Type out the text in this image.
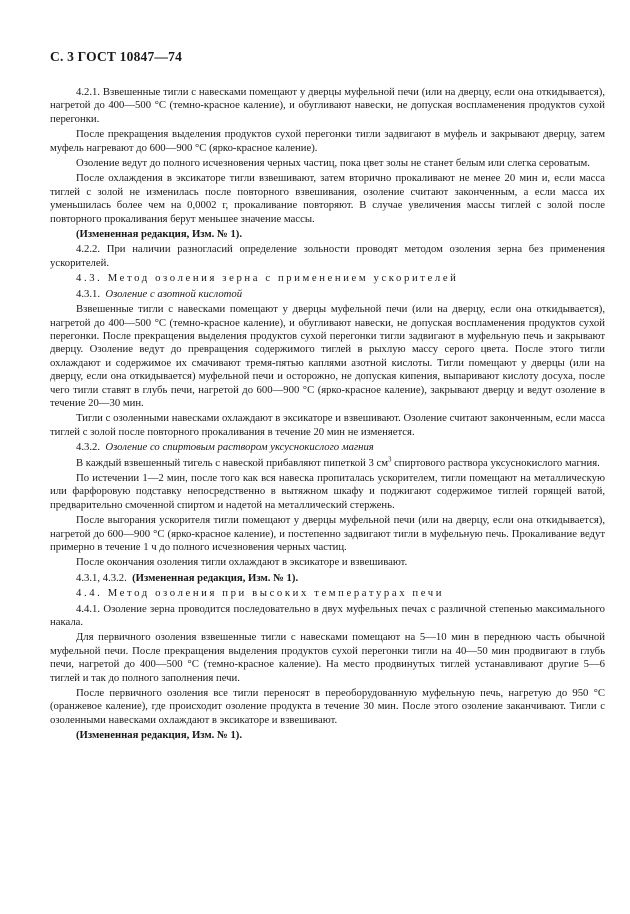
С. 3 ГОСТ 10847—74

4.2.1. Взвешенные тигли с навесками помещают у дверцы муфельной печи (или на дверцу, если она откидывается), нагретой до 400—500 °С (темно-красное каление), и обугливают навески, не допуская воспламенения продуктов сухой перегонки.

После прекращения выделения продуктов сухой перегонки тигли задвигают в муфель и закрывают дверцу, затем муфель нагревают до 600—900 °С (ярко-красное каление).

Озоление ведут до полного исчезновения черных частиц, пока цвет золы не станет белым или слегка сероватым.

После охлаждения в эксикаторе тигли взвешивают, затем вторично прокаливают не менее 20 мин и, если масса тиглей с золой не изменилась после повторного взвешивания, озоление считают законченным, а если масса их уменьшилась более чем на 0,0002 г, прокаливание повторяют. В случае увеличения массы тиглей с золой после повторного прокаливания берут меньшее значение массы.

(Измененная редакция, Изм. № 1).

4.2.2. При наличии разногласий определение зольности проводят методом озоления зерна без применения ускорителей.

4.3. Метод озоления зерна с применением ускорителей

4.3.1. Озоление с азотной кислотой

Взвешенные тигли с навесками помещают у дверцы муфельной печи (или на дверцу, если она откидывается), нагретой до 400—500 °С (темно-красное каление), и обугливают навески, не допуская воспламенения продуктов сухой перегонки. После прекращения выделения продуктов сухой перегонки тигли задвигают в муфельную печь и закрывают дверцу. Озоление ведут до превращения содержимого тиглей в рыхлую массу серого цвета. После этого тигли охлаждают и содержимое их смачивают тремя-пятью каплями азотной кислоты. Тигли помещают у дверцы (или на дверцу, если она откидывается) муфельной печи и осторожно, не допуская кипения, выпаривают кислоту досуха, после чего тигли ставят в глубь печи, нагретой до 600—900 °С (ярко-красное каление), закрывают дверцу и ведут озоление в течение 20—30 мин.

Тигли с озоленными навесками охлаждают в эксикаторе и взвешивают. Озоление считают законченным, если масса тиглей с золой после повторного прокаливания в течение 20 мин не изменяется.

4.3.2. Озоление со спиртовым раствором уксуснокислого магния

В каждый взвешенный тигель с навеской прибавляют пипеткой 3 $см^3$ спиртового раствора уксуснокислого магния.

По истечении 1—2 мин, после того как вся навеска пропиталась ускорителем, тигли помещают на металлическую или фарфоровую подставку непосредственно в вытяжном шкафу и поджигают содержимое тиглей горящей ватой, предварительно смоченной спиртом и надетой на металлический стержень.

После выгорания ускорителя тигли помещают у дверцы муфельной печи (или на дверцу, если она откидывается), нагретой до 600—900 °С (ярко-красное каление), и постепенно задвигают тигли в муфельную печь. Прокаливание ведут примерно в течение 1 ч до полного исчезновения черных частиц.

После окончания озоления тигли охлаждают в эксикаторе и взвешивают.

4.3.1, 4.3.2. (Измененная редакция, Изм. № 1).

4.4. Метод озоления при высоких температурах печи

4.4.1. Озоление зерна проводится последовательно в двух муфельных печах с различной степенью максимального накала.

Для первичного озоления взвешенные тигли с навесками помещают на 5—10 мин в переднюю часть обычной муфельной печи. После прекращения выделения продуктов сухой перегонки тигли на 40—50 мин продвигают в глубь печи, нагретой до 400—500 °С (темно-красное каление). На место продвинутых тиглей устанавливают другие 5—6 тиглей и так до полного заполнения печи.

После первичного озоления все тигли переносят в переоборудованную муфельную печь, нагретую до 950 °С (оранжевое каление), где происходит озоление продукта в течение 30 мин. После этого озоление заканчивают. Тигли с озоленными навесками охлаждают в эксикаторе и взвешивают.

(Измененная редакция, Изм. № 1).
